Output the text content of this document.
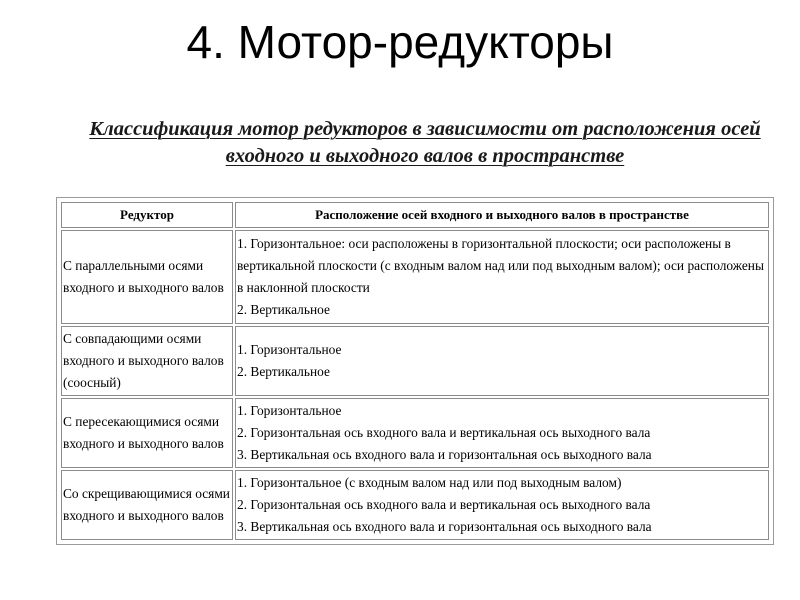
4. Мотор-редукторы
Классификация мотор редукторов в зависимости от расположения осей
входного и выходного валов в пространстве
Редуктор	Расположение осей входного и выходного валов в пространстве
С параллельными осями входного и выходного валов	1. Горизонтальное: оси расположены в горизонтальной плоскости; оси расположены в вертикальной плоскости (с входным валом над или под выходным валом); оси расположены в наклонной плоскости
2. Вертикальное

С совпадающими осями входного и выходного валов (соосный)	1. Горизонтальное
2. Вертикальное

С пересекающимися осями входного и выходного валов	1. Горизонтальное
2. Горизонтальная ось входного вала и вертикальная ось выходного вала
3. Вертикальная ось входного вала и горизонтальная ось выходного вала

Со скрещивающимися осями входного и выходного валов	1. Горизонтальное (с входным валом над или под выходным валом)
2. Горизонтальная ось входного вала и вертикальная ось выходного вала
3. Вертикальная ось входного вала и горизонтальная ось выходного вала
